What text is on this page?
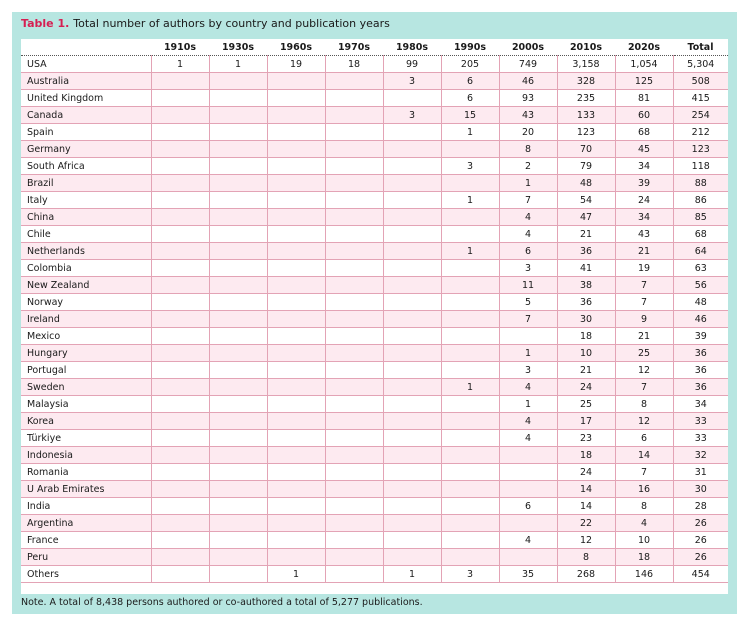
Table 1. Total number of authors by country and publication years
	1910s	1930s	1960s	1970s	1980s	1990s	2000s	2010s	2020s	Total
USA	1	1	19	18	99	205	749	3,158	1,054	5,304
Australia					3	6	46	328	125	508
United Kingdom						6	93	235	81	415
Canada					3	15	43	133	60	254
Spain						1	20	123	68	212
Germany							8	70	45	123
South Africa						3	2	79	34	118
Brazil							1	48	39	88
Italy						1	7	54	24	86
China							4	47	34	85
Chile							4	21	43	68
Netherlands						1	6	36	21	64
Colombia							3	41	19	63
New Zealand							11	38	7	56
Norway							5	36	7	48
Ireland							7	30	9	46
Mexico								18	21	39
Hungary							1	10	25	36
Portugal							3	21	12	36
Sweden						1	4	24	7	36
Malaysia							1	25	8	34
Korea							4	17	12	33
Türkiye							4	23	6	33
Indonesia								18	14	32
Romania								24	7	31
U Arab Emirates								14	16	30
India							6	14	8	28
Argentina								22	4	26
France							4	12	10	26
Peru								8	18	26
Others			1		1	3	35	268	146	454
Note. A total of 8,438 persons authored or co-authored a total of 5,277 publications.
